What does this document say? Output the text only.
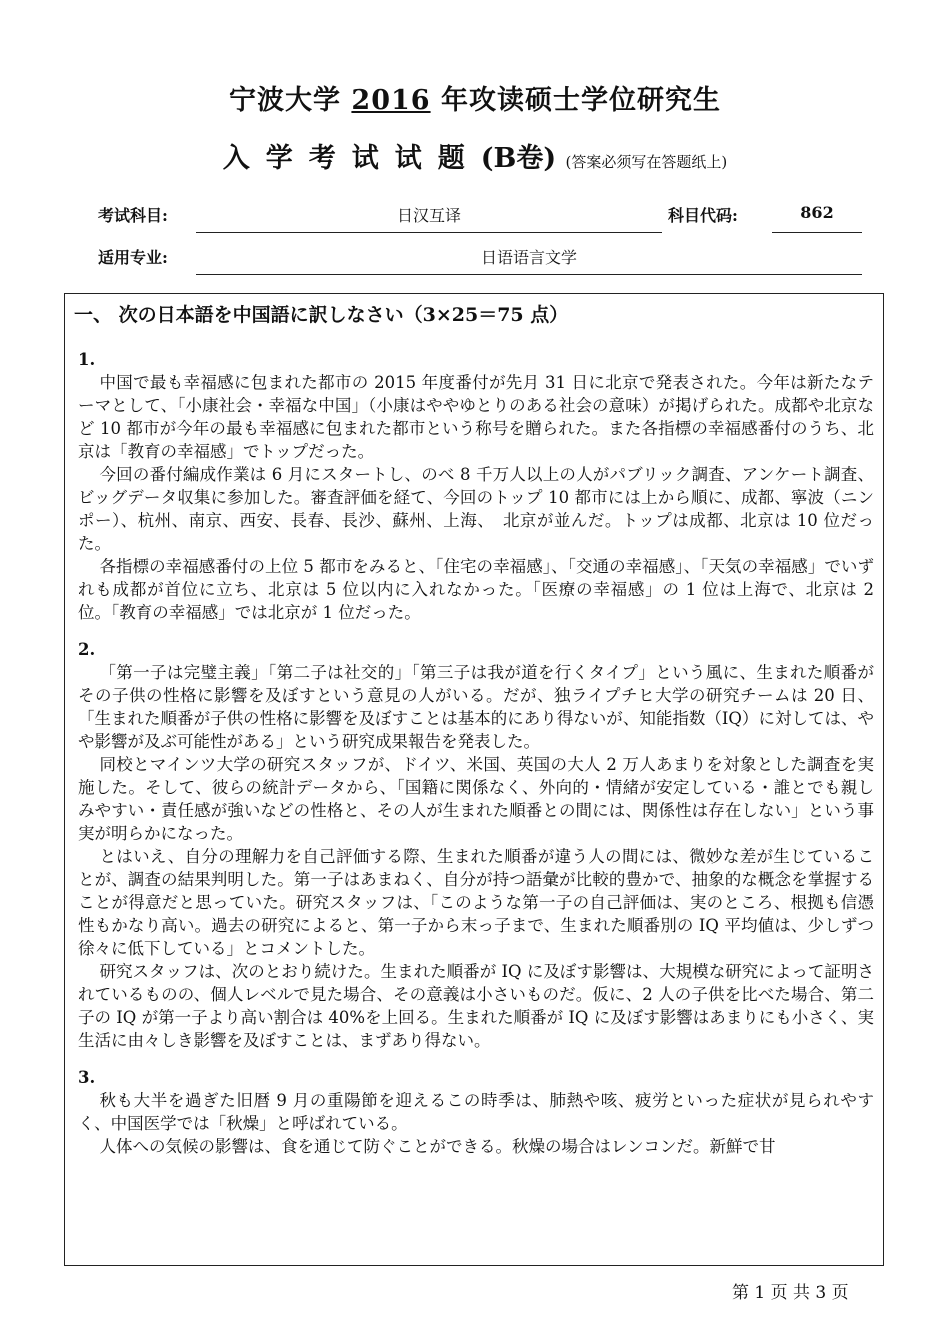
宁波大学 2016 年攻读硕士学位研究生
入学考试试题(B卷) (答案必须写在答题纸上)
考试科目:	日汉互译	科目代码:	862
适用专业:	日语语言文学
一、 次の日本語を中国語に訳しなさい（3×25＝75 点）

1.

中国で最も幸福感に包まれた都市の 2015 年度番付が先月 31 日に北京で発表された。今年は新たなテーマとして、「小康社会・幸福な中国」（小康はややゆとりのある社会の意味）が掲げられた。成都や北京など 10 都市が今年の最も幸福感に包まれた都市という称号を贈られた。また各指標の幸福感番付のうち、北京は「教育の幸福感」でトップだった。

今回の番付編成作業は 6 月にスタートし、のべ 8 千万人以上の人がパブリック調査、アンケート調査、ビッグデータ収集に参加した。審査評価を経て、今回のトップ 10 都市には上から順に、成都、寧波（ニンポー）、杭州、南京、西安、長春、長沙、蘇州、上海、　北京が並んだ。トップは成都、北京は 10 位だった。

各指標の幸福感番付の上位 5 都市をみると、「住宅の幸福感」、「交通の幸福感」、「天気の幸福感」でいずれも成都が首位に立ち、北京は 5 位以内に入れなかった。「医療の幸福感」の 1 位は上海で、北京は 2 位。「教育の幸福感」では北京が 1 位だった。

2.

「第一子は完璧主義」「第二子は社交的」「第三子は我が道を行くタイプ」という風に、生まれた順番がその子供の性格に影響を及ぼすという意見の人がいる。だが、独ライプチヒ大学の研究チームは 20 日、「生まれた順番が子供の性格に影響を及ぼすことは基本的にあり得ないが、知能指数（IQ）に対しては、やや影響が及ぶ可能性がある」という研究成果報告を発表した。

同校とマインツ大学の研究スタッフが、ドイツ、米国、英国の大人 2 万人あまりを対象とした調査を実施した。そして、彼らの統計データから、「国籍に関係なく、外向的・情緒が安定している・誰とでも親しみやすい・責任感が強いなどの性格と、その人が生まれた順番との間には、関係性は存在しない」という事実が明らかになった。

とはいえ、自分の理解力を自己評価する際、生まれた順番が違う人の間には、微妙な差が生じていることが、調査の結果判明した。第一子はあまねく、自分が持つ語彙が比較的豊かで、抽象的な概念を掌握することが得意だと思っていた。研究スタッフは、「このような第一子の自己評価は、実のところ、根拠も信憑性もかなり高い。過去の研究によると、第一子から末っ子まで、生まれた順番別の IQ 平均値は、少しずつ徐々に低下している」とコメントした。

研究スタッフは、次のとおり続けた。生まれた順番が IQ に及ぼす影響は、大規模な研究によって証明されているものの、個人レベルで見た場合、その意義は小さいものだ。仮に、2 人の子供を比べた場合、第二子の IQ が第一子より高い割合は 40%を上回る。生まれた順番が IQ に及ぼす影響はあまりにも小さく、実生活に由々しき影響を及ぼすことは、まずあり得ない。

3.

秋も大半を過ぎた旧暦 9 月の重陽節を迎えるこの時季は、肺熱や咳、疲労といった症状が見られやすく、中国医学では「秋燥」と呼ばれている。

人体への気候の影響は、食を通じて防ぐことができる。秋燥の場合はレンコンだ。新鮮で甘

第 1 页 共 3 页
